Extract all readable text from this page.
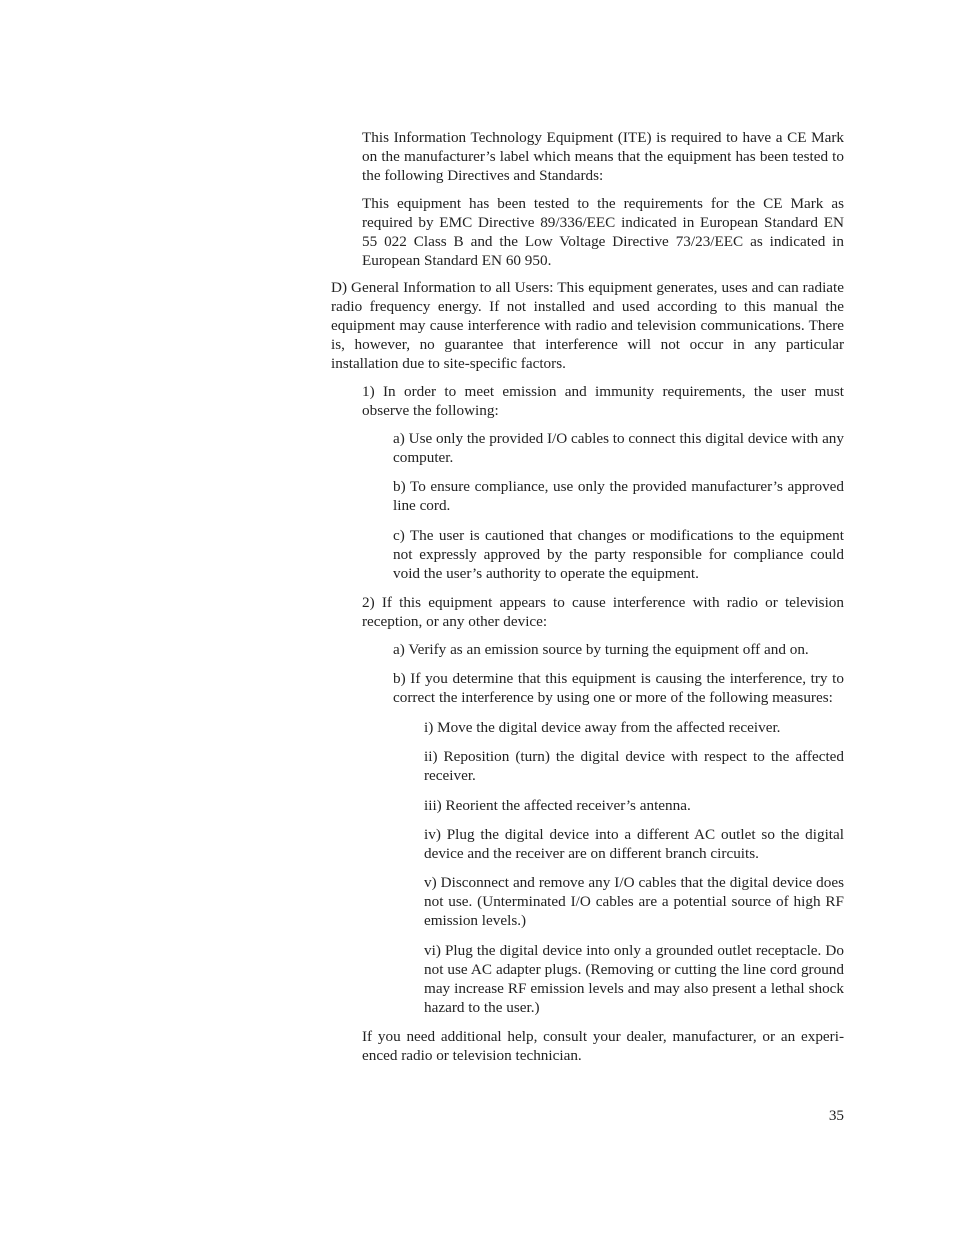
This Information Technology Equipment (ITE) is required to have a CE Mark on the manufacturer’s label which means that the equipment has been tested to the following Directives and Standards:

This equipment has been tested to the requirements for the CE Mark as required by EMC Directive 89/336/EEC indicated in European Standard EN 55 022 Class B and the Low Voltage Directive 73/23/EEC as indicated in European Standard EN 60 950.

D) General Information to all Users: This equipment generates, uses and can radiate radio frequency energy. If not installed and used according to this manual the equipment may cause interference with radio and television communications. There is, however, no guarantee that interference will not occur in any particular installation due to site-specific factors.

1) In order to meet emission and immunity requirements, the user must observe the following:

a) Use only the provided I/O cables to connect this digital device with any computer.

b) To ensure compliance, use only the provided manufacturer’s approved line cord.

c) The user is cautioned that changes or modifications to the equipment not expressly approved by the party responsible for compliance could void the user’s authority to operate the equipment.

2) If this equipment appears to cause interference with radio or television reception, or any other device:

a) Verify as an emission source by turning the equipment off and on.

b) If you determine that this equipment is causing the interference, try to correct the interference by using one or more of the following measures:

i) Move the digital device away from the affected receiver.

ii) Reposition (turn) the digital device with respect to the affected receiver.

iii) Reorient the affected receiver’s antenna.

iv) Plug the digital device into a different AC outlet so the digital device and the receiver are on different branch circuits.

v) Disconnect and remove any I/O cables that the digital device does not use. (Unterminated I/O cables are a potential source of high RF emission levels.)

vi) Plug the digital device into only a grounded outlet receptacle. Do not use AC adapter plugs. (Removing or cutting the line cord ground may increase RF emission levels and may also present a lethal shock hazard to the user.)

If you need additional help, consult your dealer, manufacturer, or an experienced radio or television technician.

35
